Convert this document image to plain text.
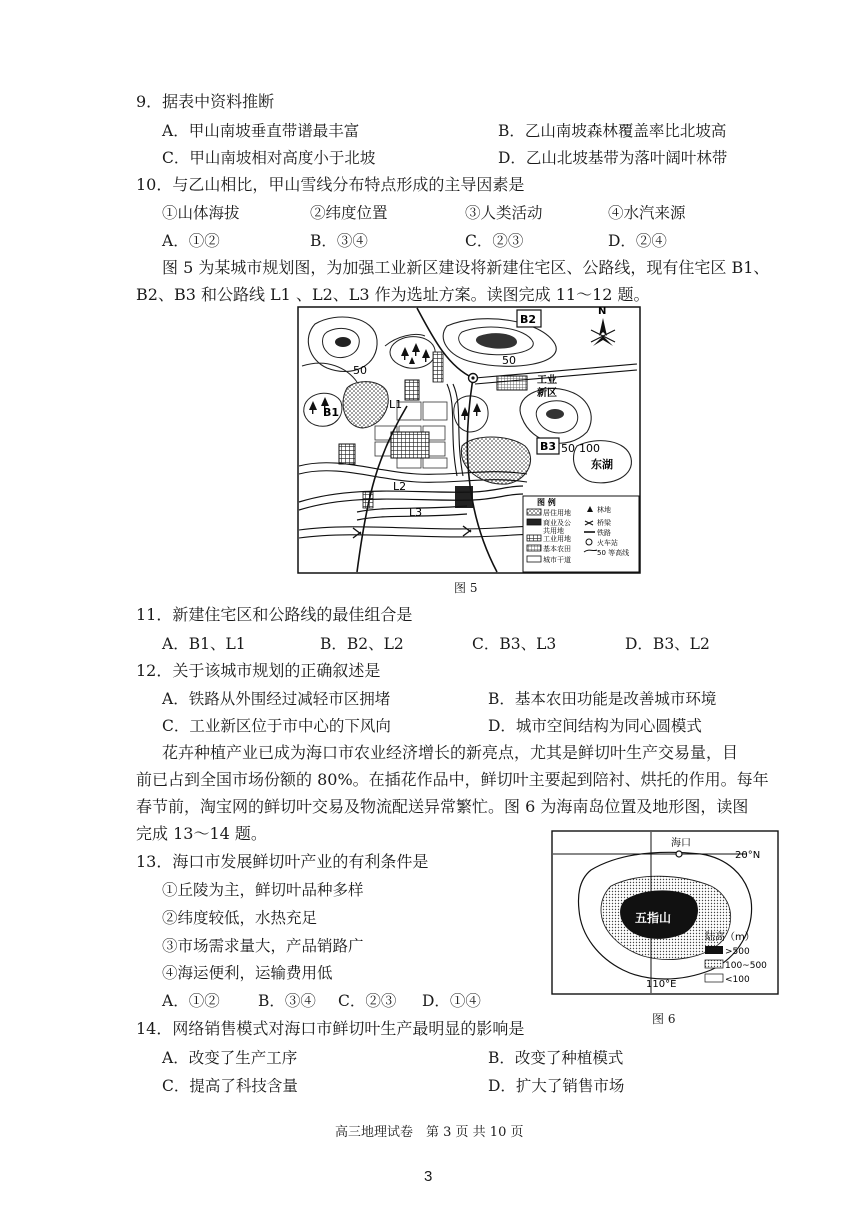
9．据表中资料推断
A．甲山南坡垂直带谱最丰富	B．乙山南坡森林覆盖率比北坡高
C．甲山南坡相对高度小于北坡	D．乙山北坡基带为落叶阔叶林带
10．与乙山相比，甲山雪线分布特点形成的主导因素是
①山体海拔	②纬度位置	③人类活动	④水汽来源
A．①②	B．③④	C．②③	D．②④
图 5 为某城市规划图，为加强工业新区建设将新建住宅区、公路线，现有住宅区 B1、
B2、B3 和公路线 L1 、L2、L3 作为选址方案。读图完成 11～12 题。
B2
B1
B3
L1
L2
L3
50
50
50 100
工业
新区
东湖
N
图 例
居住用地
商业及公
共用地
工业用地
基本农田
城市干道
林地
桥梁
铁路
火车站
50 等高线
图 5
11．新建住宅区和公路线的最佳组合是
A．B1、L1	B．B2、L2	C．B3、L3	D．B3、L2
12．关于该城市规划的正确叙述是
A．铁路从外围经过减轻市区拥堵	B．基本农田功能是改善城市环境
C．工业新区位于市中心的下风向	D．城市空间结构为同心圆模式
花卉种植产业已成为海口市农业经济增长的新亮点，尤其是鲜切叶生产交易量，目
前已占到全国市场份额的 80%。在插花作品中，鲜切叶主要起到陪衬、烘托的作用。每年
春节前，淘宝网的鲜切叶交易及物流配送异常繁忙。图 6 为海南岛位置及地形图，读图
完成 13～14 题。
海口
20°N
110°E
五指山
陆高（m）
>500
100~500
<100
图 6
13．海口市发展鲜切叶产业的有利条件是
①丘陵为主，鲜切叶品种多样
②纬度较低，水热充足
③市场需求量大，产品销路广
④海运便利，运输费用低
A．①② B．③④ C．②③ D．①④
14．网络销售模式对海口市鲜切叶生产最明显的影响是
A．改变了生产工序	B．改变了种植模式
C．提高了科技含量	D．扩大了销售市场
高三地理试卷　第 3 页 共 10 页
3
